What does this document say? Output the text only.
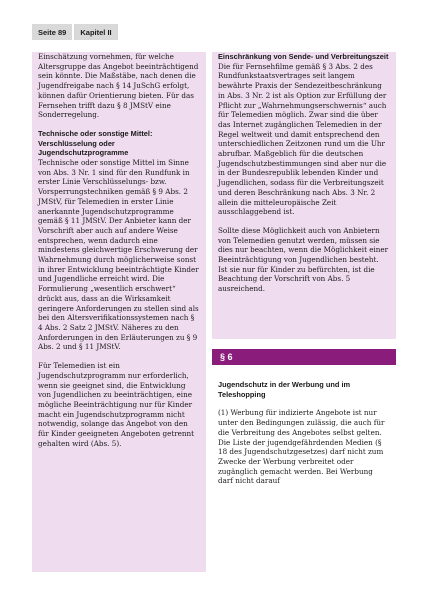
Seite 89	Kapitel II

Einschätzung vornehmen, für welche Altersgruppe das Angebot beeinträchtigend sein könnte. Die Maßstäbe, nach denen die Jugendfreigabe nach § 14 JuSchG erfolgt, können dafür Orientierung bieten. Für das Fernsehen trifft dazu § 8 JMStV eine Sonderregelung.

Technische oder sonstige Mittel: Verschlüsselung oder Jugendschutzprogramme

Technische oder sonstige Mittel im Sinne von Abs. 3 Nr. 1 sind für den Rundfunk in erster Linie Verschlüsselungs- bzw. Vorsperrungstechniken gemäß § 9 Abs. 2 JMStV, für Telemedien in erster Linie anerkannte Jugendschutzprogramme gemäß § 11 JMStV. Der Anbieter kann der Vorschrift aber auch auf andere Weise entsprechen, wenn dadurch eine mindestens gleichwertige Erschwerung der Wahrnehmung durch möglicherweise sonst in ihrer Entwicklung beeinträchtigte Kinder und Jugendliche erreicht wird. Die Formulierung „wesentlich erschwert“ drückt aus, dass an die Wirksamkeit geringere Anforderungen zu stellen sind als bei den Altersverifikationssystemen nach § 4 Abs. 2 Satz 2 JMStV. Näheres zu den Anforderungen in den Erläuterungen zu § 9 Abs. 2 und § 11 JMStV.

Für Telemedien ist ein Jugendschutzprogramm nur erforderlich, wenn sie geeignet sind, die Entwicklung von Jugendlichen zu beeinträchtigen, eine mögliche Beeinträchtigung nur für Kinder macht ein Jugendschutzprogramm nicht notwendig, solange das Angebot von den für Kinder geeigneten Angeboten getrennt gehalten wird (Abs. 5).

Einschränkung von Sende- und Verbreitungszeit

Die für Fernsehfilme gemäß § 3 Abs. 2 des Rundfunkstaatsvertrages seit langem bewährte Praxis der Sendezeitbeschränkung in Abs. 3 Nr. 2 ist als Option zur Erfüllung der Pflicht zur „Wahrnehmungserschwernis“ auch für Telemedien möglich. Zwar sind die über das Internet zugänglichen Telemedien in der Regel weltweit und damit entsprechend den unterschiedlichen Zeitzonen rund um die Uhr abrufbar. Maßgeblich für die deutschen Jugendschutzbestimmungen sind aber nur die in der Bundesrepublik lebenden Kinder und Jugendlichen, sodass für die Verbreitungszeit und deren Beschränkung nach Abs. 3 Nr. 2 allein die mitteleuropäische Zeit ausschlaggebend ist.

Sollte diese Möglichkeit auch von Anbietern von Telemedien genutzt werden, müssen sie dies nur beachten, wenn die Möglichkeit einer Beeinträchtigung von Jugendlichen besteht. Ist sie nur für Kinder zu befürchten, ist die Beachtung der Vorschrift von Abs. 5 ausreichend.

§ 6

Jugendschutz in der Werbung und im Teleshopping

(1) Werbung für indizierte Angebote ist nur unter den Bedingungen zulässig, die auch für die Verbreitung des Angebotes selbst gelten. Die Liste der jugendgefährdenden Medien (§ 18 des Jugendschutzgesetzes) darf nicht zum Zwecke der Werbung verbreitet oder zugänglich gemacht werden. Bei Werbung darf nicht darauf
